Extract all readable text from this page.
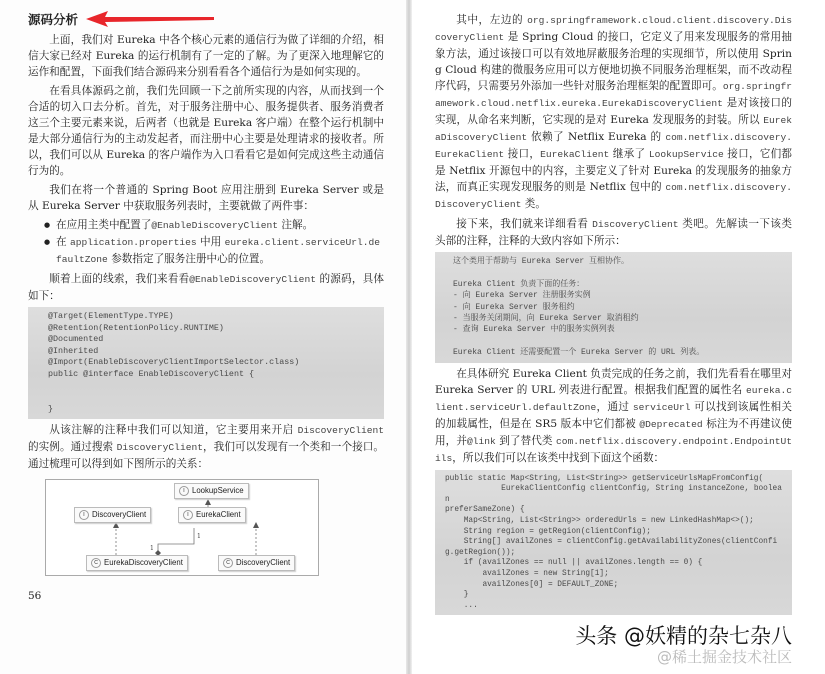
源码分析
上面，我们对 Eureka 中各个核心元素的通信行为做了详细的介绍，相信大家已经对 Eureka 的运行机制有了一定的了解。为了更深入地理解它的运作和配置，下面我们结合源码来分别看看各个通信行为是如何实现的。
在看具体源码之前，我们先回顾一下之前所实现的内容，从而找到一个合适的切入口去分析。首先，对于服务注册中心、服务提供者、服务消费者这三个主要元素来说，后两者（也就是 Eureka 客户端）在整个运行机制中是大部分通信行为的主动发起者，而注册中心主要是处理请求的接收者。所以，我们可以从 Eureka 的客户端作为入口看看它是如何完成这些主动通信行为的。
我们在将一个普通的 Spring Boot 应用注册到 Eureka Server 或是从 Eureka Server 中获取服务列表时，主要就做了两件事：
● 在应用主类中配置了@EnableDiscoveryClient 注解。
● 在 application.properties 中用 eureka.client.serviceUrl.defaultZone 参数指定了服务注册中心的位置。
顺着上面的线索，我们来看看@EnableDiscoveryClient 的源码，具体如下：
@Target(ElementType.TYPE)
@Retention(RetentionPolicy.RUNTIME)
@Documented
@Inherited
@Import(EnableDiscoveryClientImportSelector.class)
public @interface EnableDiscoveryClient {

}
从该注解的注释中我们可以知道，它主要用来开启 DiscoveryClient 的实例。通过搜索 DiscoveryClient，我们可以发现有一个类和一个接口。通过梳理可以得到如下图所示的关系：
1
1
I LookupService
I DiscoveryClient	I EurekaClient
C EurekaDiscoveryClient	C DiscoveryClient
56
其中，左边的 org.springframework.cloud.client.discovery.DiscoveryClient 是 Spring Cloud 的接口，它定义了用来发现服务的常用抽象方法，通过该接口可以有效地屏蔽服务治理的实现细节，所以使用 Spring Cloud 构建的微服务应用可以方便地切换不同服务治理框架，而不改动程序代码，只需要另外添加一些针对服务治理框架的配置即可。org.springframework.cloud.netflix.eureka.EurekaDiscoveryClient 是对该接口的实现，从命名来判断，它实现的是对 Eureka 发现服务的封装。所以 EurekaDiscoveryClient 依赖了 Netflix Eureka 的 com.netflix.discovery.EurekaClient 接口，EurekaClient 继承了 LookupService 接口，它们都是 Netflix 开源包中的内容，主要定义了针对 Eureka 的发现服务的抽象方法，而真正实现发现服务的则是 Netflix 包中的 com.netflix.discovery.DiscoveryClient 类。
接下来，我们就来详细看看 DiscoveryClient 类吧。先解读一下该类头部的注释，注释的大致内容如下所示：
这个类用于帮助与 Eureka Server 互相协作。

Eureka Client 负责下面的任务：
- 向 Eureka Server 注册服务实例
- 向 Eureka Server 服务租约
- 当服务关闭期间，向 Eureka Server 取消租约
- 查询 Eureka Server 中的服务实例列表

Eureka Client 还需要配置一个 Eureka Server 的 URL 列表。
在具体研究 Eureka Client 负责完成的任务之前，我们先看看在哪里对 Eureka Server 的 URL 列表进行配置。根据我们配置的属性名 eureka.client.serviceUrl.defaultZone，通过 serviceUrl 可以找到该属性相关的加载属性，但是在 SR5 版本中它们都被 @Deprecated 标注为不再建议使用，并@link 到了替代类 com.netflix.discovery.endpoint.EndpointUtils，所以我们可以在该类中找到下面这个函数：
public static Map<String, List<String>> getServiceUrlsMapFromConfig(
EurekaClientConfig clientConfig, String instanceZone, boolean
preferSameZone) {
Map<String, List<String>> orderedUrls = new LinkedHashMap<>();
String region = getRegion(clientConfig);
String[] availZones = clientConfig.getAvailabilityZones(clientConfig.getRegion());
if (availZones == null || availZones.length == 0) {
availZones = new String[1];
availZones[0] = DEFAULT_ZONE;
}
...
头条 @妖精的杂七杂八
@稀土掘金技术社区
